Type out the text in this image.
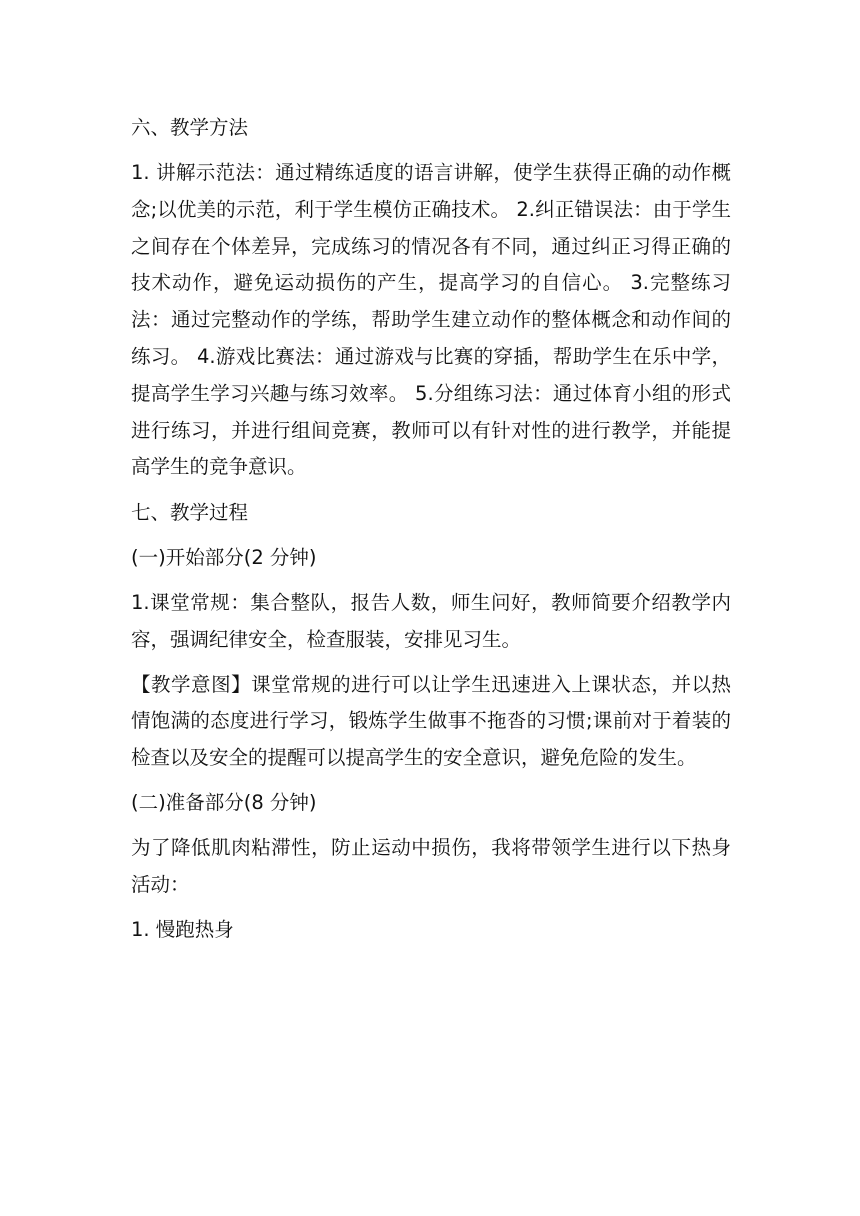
六、教学方法

1. 讲解示范法：通过精练适度的语言讲解，使学生获得正确的动作概念;以优美的示范，利于学生模仿正确技术。 2.纠正错误法：由于学生之间存在个体差异，完成练习的情况各有不同，通过纠正习得正确的技术动作，避免运动损伤的产生，提高学习的自信心。 3.完整练习法：通过完整动作的学练，帮助学生建立动作的整体概念和动作间的练习。 4.游戏比赛法：通过游戏与比赛的穿插，帮助学生在乐中学，提高学生学习兴趣与练习效率。 5.分组练习法：通过体育小组的形式进行练习，并进行组间竞赛，教师可以有针对性的进行教学，并能提高学生的竞争意识。

七、教学过程

(一)开始部分(2 分钟)

1.课堂常规：集合整队，报告人数，师生问好，教师简要介绍教学内容，强调纪律安全，检查服装，安排见习生。

【教学意图】课堂常规的进行可以让学生迅速进入上课状态，并以热情饱满的态度进行学习，锻炼学生做事不拖沓的习惯;课前对于着装的检查以及安全的提醒可以提高学生的安全意识，避免危险的发生。

(二)准备部分(8 分钟)

为了降低肌肉粘滞性，防止运动中损伤，我将带领学生进行以下热身活动：

1. 慢跑热身
